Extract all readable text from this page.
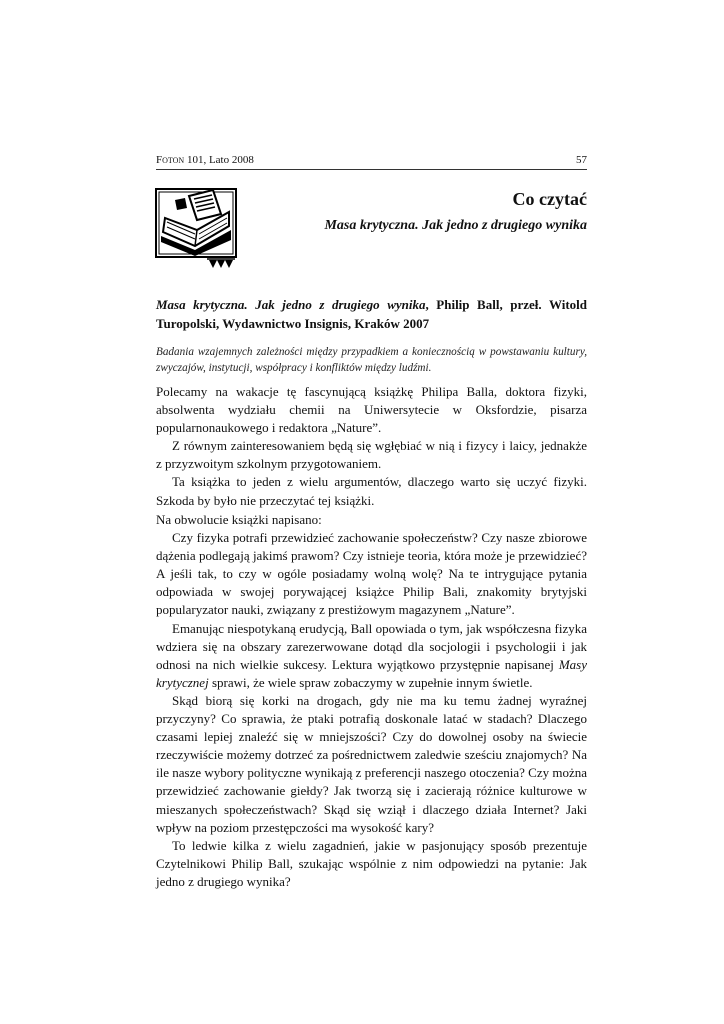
Foton 101, Lato 2008	57
Co czytać
Masa krytyczna. Jak jedno z drugiego wynika
Masa krytyczna. Jak jedno z drugiego wynika, Philip Ball, przeł. Witold Turopolski, Wydawnictwo Insignis, Kraków 2007
Badania wzajemnych zależności między przypadkiem a koniecznością w powstawaniu kultury, zwyczajów, instytucji, współpracy i konfliktów między ludźmi.

Polecamy na wakacje tę fascynującą książkę Philipa Balla, doktora fizyki, absolwenta wydziału chemii na Uniwersytecie w Oksfordzie, pisarza popularnonaukowego i redaktora „Nature”.

Z równym zainteresowaniem będą się wgłębiać w nią i fizycy i laicy, jednakże z przyzwoitym szkolnym przygotowaniem.

Ta książka to jeden z wielu argumentów, dlaczego warto się uczyć fizyki. Szkoda by było nie przeczytać tej książki.

Na obwolucie książki napisano:

Czy fizyka potrafi przewidzieć zachowanie społeczeństw? Czy nasze zbiorowe dążenia podlegają jakimś prawom? Czy istnieje teoria, która może je przewidzieć? A jeśli tak, to czy w ogóle posiadamy wolną wolę? Na te intrygujące pytania odpowiada w swojej porywającej książce Philip Bali, znakomity brytyjski popularyzator nauki, związany z prestiżowym magazynem „Nature”.

Emanując niespotykaną erudycją, Ball opowiada o tym, jak współczesna fizyka wdziera się na obszary zarezerwowane dotąd dla socjologii i psychologii i jak odnosi na nich wielkie sukcesy. Lektura wyjątkowo przystępnie napisanej Masy krytycznej sprawi, że wiele spraw zobaczymy w zupełnie innym świetle.

Skąd biorą się korki na drogach, gdy nie ma ku temu żadnej wyraźnej przyczyny? Co sprawia, że ptaki potrafią doskonale latać w stadach? Dlaczego czasami lepiej znaleźć się w mniejszości? Czy do dowolnej osoby na świecie rzeczywiście możemy dotrzeć za pośrednictwem zaledwie sześciu znajomych? Na ile nasze wybory polityczne wynikają z preferencji naszego otoczenia? Czy można przewidzieć zachowanie giełdy? Jak tworzą się i zacierają różnice kulturowe w mieszanych społeczeństwach? Skąd się wziął i dlaczego działa Internet? Jaki wpływ na poziom przestępczości ma wysokość kary?

To ledwie kilka z wielu zagadnień, jakie w pasjonujący sposób prezentuje Czytelnikowi Philip Ball, szukając wspólnie z nim odpowiedzi na pytanie: Jak jedno z drugiego wynika?
